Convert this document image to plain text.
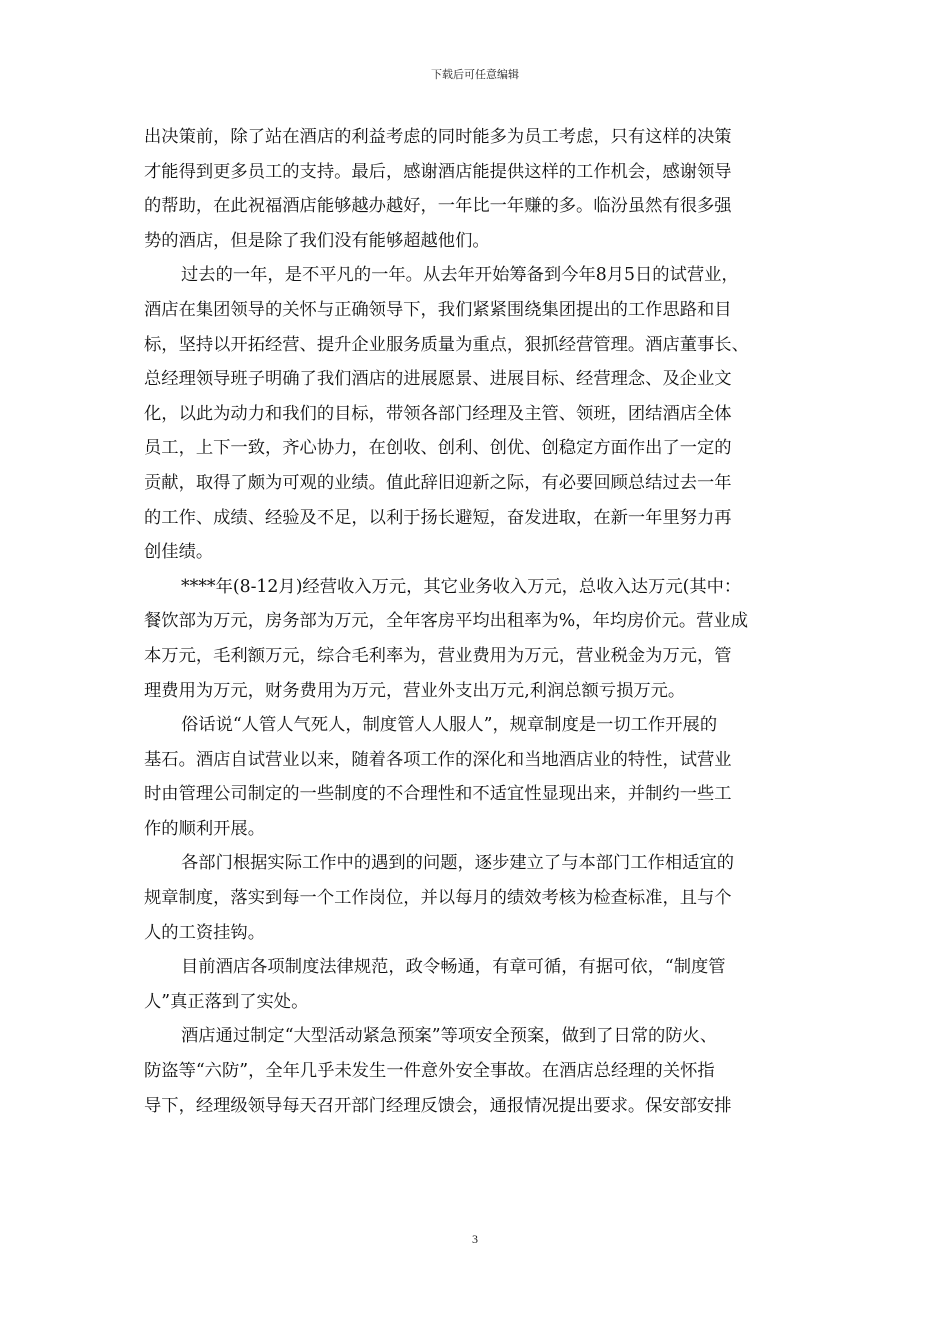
下载后可任意编辑
出决策前，除了站在酒店的利益考虑的同时能多为员工考虑，只有这样的决策
才能得到更多员工的支持。最后，感谢酒店能提供这样的工作机会，感谢领导
的帮助，在此祝福酒店能够越办越好，一年比一年赚的多。临汾虽然有很多强
势的酒店，但是除了我们没有能够超越他们。
过去的一年，是不平凡的一年。从去年开始筹备到今年8月5日的试营业，
酒店在集团领导的关怀与正确领导下，我们紧紧围绕集团提出的工作思路和目
标，坚持以开拓经营、提升企业服务质量为重点，狠抓经营管理。酒店董事长、
总经理领导班子明确了我们酒店的进展愿景、进展目标、经营理念、及企业文
化，以此为动力和我们的目标，带领各部门经理及主管、领班，团结酒店全体
员工，上下一致，齐心协力，在创收、创利、创优、创稳定方面作出了一定的
贡献，取得了颇为可观的业绩。值此辞旧迎新之际，有必要回顾总结过去一年
的工作、成绩、经验及不足，以利于扬长避短，奋发进取，在新一年里努力再
创佳绩。
****年(8-12月)经营收入万元，其它业务收入万元，总收入达万元(其中：
餐饮部为万元，房务部为万元，全年客房平均出租率为%，年均房价元。营业成
本万元，毛利额万元，综合毛利率为，营业费用为万元，营业税金为万元，管
理费用为万元，财务费用为万元，营业外支出万元,利润总额亏损万元。
俗话说“人管人气死人，制度管人人服人”，规章制度是一切工作开展的
基石。酒店自试营业以来，随着各项工作的深化和当地酒店业的特性，试营业
时由管理公司制定的一些制度的不合理性和不适宜性显现出来，并制约一些工
作的顺利开展。
各部门根据实际工作中的遇到的问题，逐步建立了与本部门工作相适宜的
规章制度，落实到每一个工作岗位，并以每月的绩效考核为检查标准，且与个
人的工资挂钩。
目前酒店各项制度法律规范，政令畅通，有章可循，有据可依，“制度管
人”真正落到了实处。
酒店通过制定“大型活动紧急预案”等项安全预案，做到了日常的防火、
防盗等“六防”，全年几乎未发生一件意外安全事故。在酒店总经理的关怀指
导下，经理级领导每天召开部门经理反馈会，通报情况提出要求。保安部安排
3
